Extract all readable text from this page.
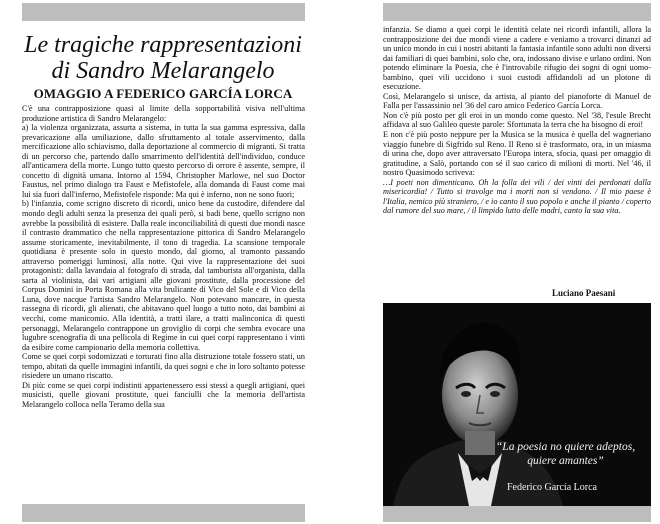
Le tragiche rappresentazioni
di Sandro Melarangelo
OMAGGIO A FEDERICO GARCÍA LORCA

C'è una contrapposizione quasi al limite della sopportabilità visiva nell'ultima produzione artistica di Sandro Melarangelo:

a) la violenza organizzata, assurta a sistema, in tutta la sua gamma espressiva, dalla prevaricazione alla umiliazione, dallo sfruttamento al totale asservimento, dalla mercificazione allo schiavismo, dalla deportazione al commercio di migranti. Si tratta di un percorso che, partendo dallo smarrimento dell'identità dell'individuo, conduce all'anticamera della morte. Lungo tutto questo percorso di orrore è assente, sempre, il concetto di dignità umana. Intorno al 1594, Christopher Marlowe, nel suo Doctor Faustus, nel primo dialogo tra Faust e Mefistofele, alla domanda di Faust come mai lui sia fuori dall'inferno, Mefistofele risponde: Ma qui è inferno, non ne sono fuori;

b) l'infanzia, come scrigno discreto di ricordi, unico bene da custodire, difendere dal mondo degli adulti senza la presenza dei quali però, si badi bene, quello scrigno non avrebbe la possibilità di esistere. Dalla reale inconciliabilità di questi due mondi nasce il contrasto drammatico che nella rappresentazione pittorica di Sandro Melarangelo assume storicamente, inevitabilmente, il tono di tragedia. La scansione temporale quotidiana è presente solo in questo mondo, dal giorno, al tramonto passando attraverso pomeriggi luminosi, alla notte. Qui vive la rappresentazione dei suoi protagonisti: dalla lavandaia al fotografo di strada, dal tamburista all'organista, dalla sarta al violinista, dai vari artigiani alle giovani prostitute, dalla processione del Corpus Domini in Porta Romana alla vita brulicante di Vico del Sole e di Vico della Luna, dove nacque l'artista Sandro Melarangelo. Non potevano mancare, in questa rassegna di ricordi, gli alienati, che abitavano quel luogo a tutto noto, dai bambini ai vecchi, come manicomio. Alla identità, a tratti ilare, a tratti malinconica di questi personaggi, Melarangelo contrappone un groviglio di corpi che sembra evocare una lugubre scenografia di una pellicola di Regime in cui quei corpi rappresentano i vinti da esibire come campionario della memoria collettiva.

Come se quei corpi sodomizzati e torturati fino alla distruzione totale fossero stati, un tempo, abitati da quelle immagini infantili, da quei sogni e che in loro soltanto potesse risiedere un umano riscatto.

Di più: come se quei corpi indistinti appartenessero essi stessi a quegli artigiani, quei musicisti, quelle giovani prostitute, quei fanciulli che la memoria dell'artista Melarangelo colloca nella Teramo della sua

infanzia. Se diamo a quei corpi le identità celate nei ricordi infantili, allora la contrapposizione dei due mondi viene a cadere e veniamo a trovarci dinanzi ad un unico mondo in cui i nostri abitanti la fantasia infantile sono adulti non diversi dai familiari di quei bambini, solo che, ora, indossano divise e urlano ordini. Non potendo eliminare la Poesia, che è l'introvabile rifugio dei sogni di ogni uomo-bambino, quei vili uccidono i suoi custodi affidandoli ad un plotone di esecuzione.

Così, Melarangelo si unisce, da artista, al pianto del pianoforte di Manuel de Falla per l'assassinio nel '36 del caro amico Federico García Lorca.

Non c'è più posto per gli eroi in un mondo come questo. Nel '38, l'esule Brecht affidava al suo Galileo queste parole: Sfortunata la terra che ha bisogno di eroi!

E non c'è più posto neppure per la Musica se la musica è quella del wagneriano viaggio funebre di Sigfrido sul Reno. Il Reno si è trasformato, ora, in un miasma di urina che, dopo aver attraversato l'Europa intera, sfocia, quasi per omaggio di gratitudine, a Salò, portando con sé il suo carico di milioni di morti. Nel '46, il nostro Quasimodo scriveva:

…I poeti non dimenticano. Oh la folla dei vili / dei vinti dei perdonati dalla misericordia! / Tutto si travolge ma i morti non si vendono. / Il mio paese è l'Italia, nemico più straniero, / e io canto il suo popolo e anche il pianto / coperto dal rumore del suo mare, / il limpido lutto delle madri, canto la sua vita.

Luciano Paesani
“La poesia no quiere adeptos,
quiere amantes”
Federico García Lorca
